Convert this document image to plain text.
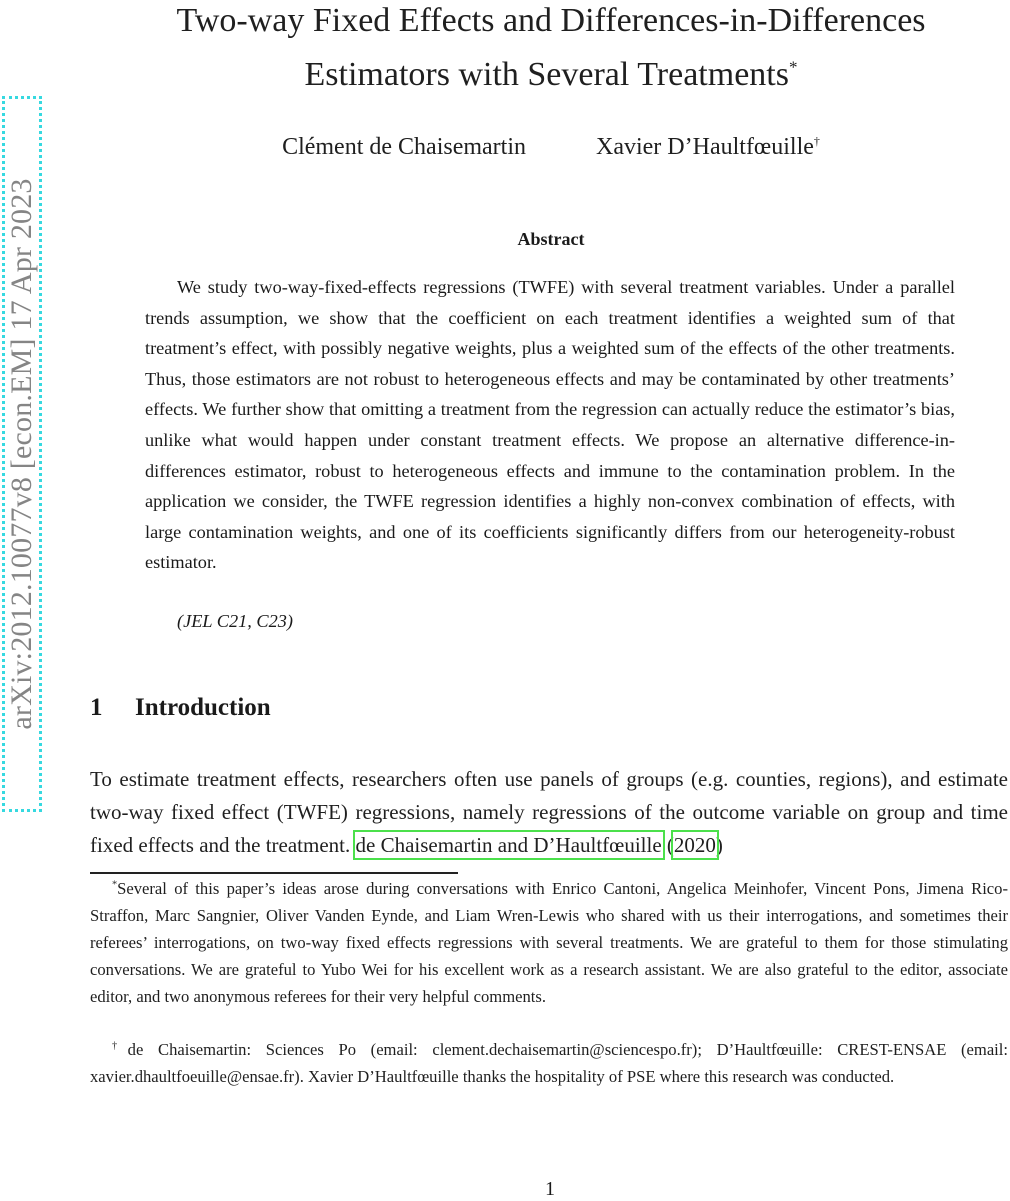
arXiv:2012.10077v8 [econ.EM] 17 Apr 2023
Two-way Fixed Effects and Differences-in-Differences
Estimators with Several Treatments*
Clément de Chaisemartin	Xavier D’Haultfœuille†
Abstract

We study two-way-fixed-effects regressions (TWFE) with several treatment variables. Under a parallel trends assumption, we show that the coefficient on each treatment identifies a weighted sum of that treatment’s effect, with possibly negative weights, plus a weighted sum of the effects of the other treatments. Thus, those estimators are not robust to heterogeneous effects and may be contaminated by other treatments’ effects. We further show that omitting a treatment from the regression can actually reduce the estimator’s bias, unlike what would happen under constant treatment effects. We propose an alternative difference-in-differences estimator, robust to heterogeneous effects and immune to the contamination problem. In the application we consider, the TWFE regression identifies a highly non-convex combination of effects, with large contamination weights, and one of its coefficients significantly differs from our heterogeneity-robust estimator.

(JEL C21, C23)

1 Introduction

To estimate treatment effects, researchers often use panels of groups (e.g. counties, regions), and estimate two-way fixed effect (TWFE) regressions, namely regressions of the outcome variable on group and time fixed effects and the treatment. de Chaisemartin and D’Haultfœuille (2020)

*Several of this paper’s ideas arose during conversations with Enrico Cantoni, Angelica Meinhofer, Vincent Pons, Jimena Rico-Straffon, Marc Sangnier, Oliver Vanden Eynde, and Liam Wren-Lewis who shared with us their interrogations, and sometimes their referees’ interrogations, on two-way fixed effects regressions with several treatments. We are grateful to them for those stimulating conversations. We are grateful to Yubo Wei for his excellent work as a research assistant. We are also grateful to the editor, associate editor, and two anonymous referees for their very helpful comments.

†de Chaisemartin: Sciences Po (email: clement.dechaisemartin@sciencespo.fr); D’Haultfœuille: CREST-ENSAE (email: xavier.dhaultfoeuille@ensae.fr). Xavier D’Haultfœuille thanks the hospitality of PSE where this research was conducted.

1
